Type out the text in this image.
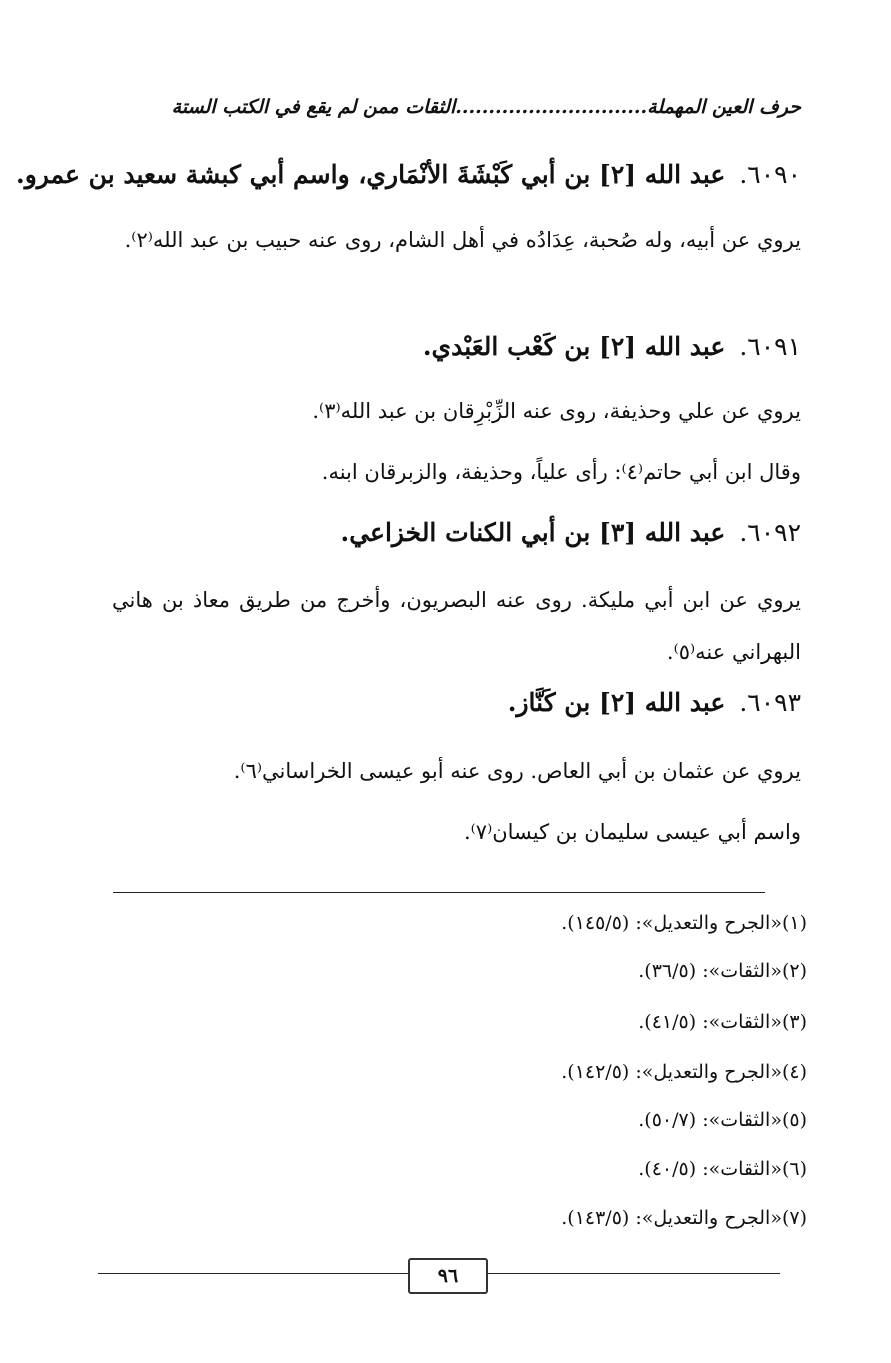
حرف العين المهملة.............................الثقات ممن لم يقع في الكتب الستة
٦٠٩٠.عبد الله [٢] بن أبي كَبْشَةَ الأنْمَاري، واسم أبي كبشة سعيد بن عمرو.
يروي عن أبيه، وله صُحبة، عِدَادُه في أهل الشام، روى عنه حبيب بن عبد الله⁽٢⁾.
٦٠٩١.عبد الله [٢] بن كَعْب العَبْدي.
يروي عن علي وحذيفة، روى عنه الزِّبْرِقان بن عبد الله⁽٣⁾.
وقال ابن أبي حاتم⁽٤⁾: رأى علياً، وحذيفة، والزبرقان ابنه.
٦٠٩٢.عبد الله [٣] بن أبي الكنات الخزاعي.
يروي عن ابن أبي مليكة. روى عنه البصريون، وأخرج من طريق معاذ بن هاني البهراني عنه⁽٥⁾.
٦٠٩٣.عبد الله [٢] بن كَنَّاز.
يروي عن عثمان بن أبي العاص. روى عنه أبو عيسى الخراساني⁽٦⁾.
واسم أبي عيسى سليمان بن كيسان⁽٧⁾.
(١)«الجرح والتعديل»: (١٤٥/٥).
(٢)«الثقات»: (٣٦/٥).
(٣)«الثقات»: (٤١/٥).
(٤)«الجرح والتعديل»: (١٤٢/٥).
(٥)«الثقات»: (٥٠/٧).
(٦)«الثقات»: (٤٠/٥).
(٧)«الجرح والتعديل»: (١٤٣/٥).
٩٦
